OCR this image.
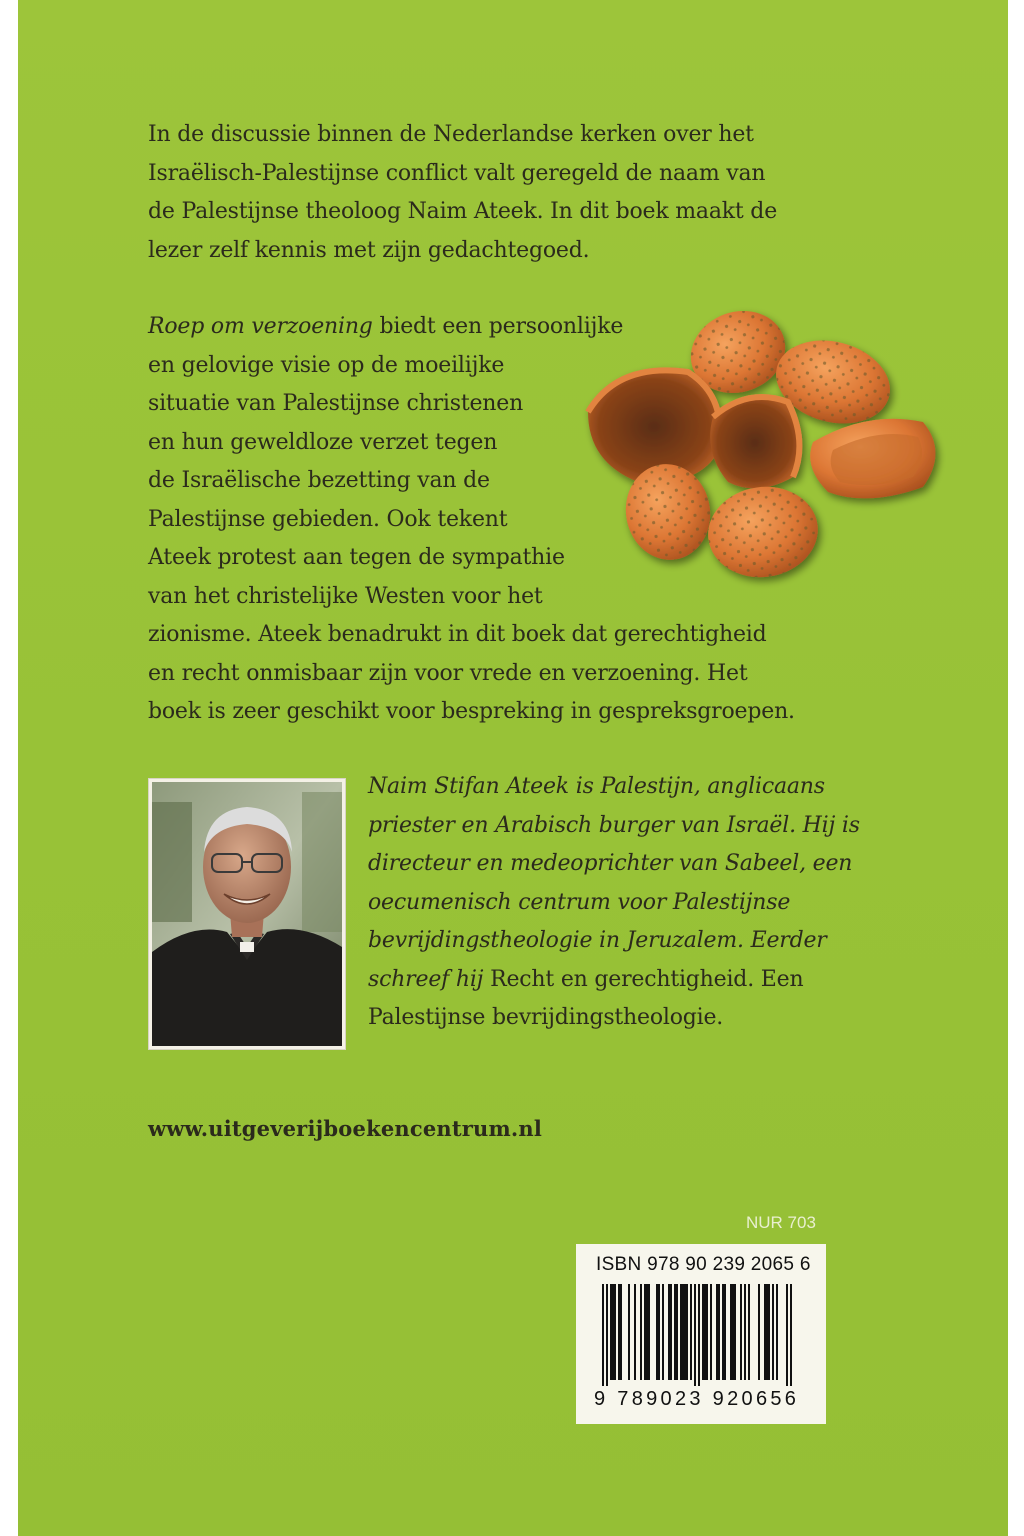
In de discussie binnen de Nederlandse kerken over het
Israëlisch-Palestijnse conflict valt geregeld de naam van
de Palestijnse theoloog Naim Ateek. In dit boek maakt de
lezer zelf kennis met zijn gedachtegoed.

Roep om verzoening biedt een persoonlijke
en gelovige visie op de moeilijke
situatie van Palestijnse christenen
en hun geweldloze verzet tegen
de Israëlische bezetting van de
Palestijnse gebieden. Ook tekent
Ateek protest aan tegen de sympathie
van het christelijke Westen voor het
zionisme. Ateek benadrukt in dit boek dat gerechtigheid
en recht onmisbaar zijn voor vrede en verzoening. Het
boek is zeer geschikt voor bespreking in gespreksgroepen.

Naim Stifan Ateek is Palestijn, anglicaans
priester en Arabisch burger van Israël. Hij is
directeur en medeoprichter van Sabeel, een
oecumenisch centrum voor Palestijnse
bevrijdingstheologie in Jeruzalem. Eerder
schreef hij Recht en gerechtigheid. Een
Palestijnse bevrijdingstheologie.

www.uitgeverijboekencentrum.nl

NUR 703

ISBN 978 90 239 2065 6

9 789023 920656
